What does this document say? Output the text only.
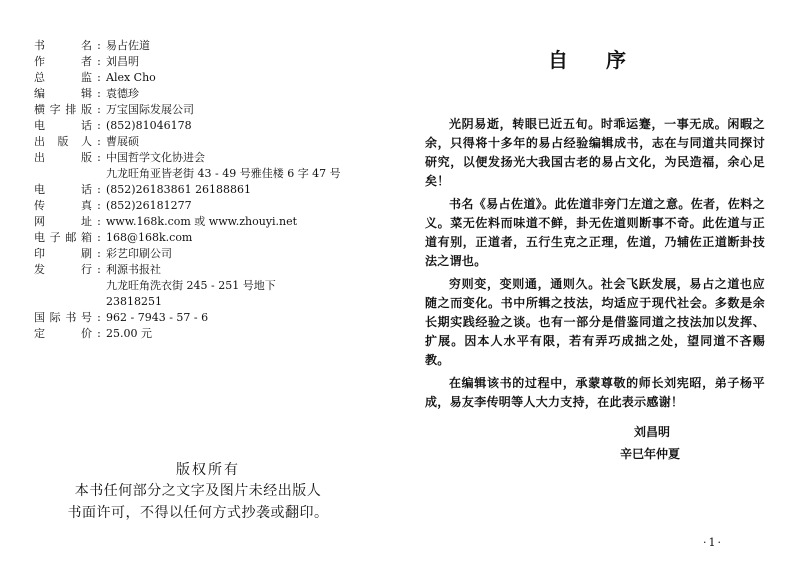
书	名 : 易占佐道
作	者 : 刘昌明
总	监 : Alex Cho
编	辑 : 袁德珍
横 字 排 版 : 万宝国际发展公司
电	话 : (852)81046178
出 版 人 : 曹展硕
出	版 : 中国哲学文化协进会
九龙旺角亚皆老街 43 - 49 号雅佳楼 6 字 47 号
电	话 : (852)26183861 26188861
传	真 : (852)26181277
网	址 : www.168k.com 或 www.zhouyi.net
电 子 邮 箱 : 168@168k.com
印	刷 : 彩艺印刷公司
发	行 : 利源书报社
九龙旺角洗衣街 245 - 251 号地下
23818251
国 际 书 号 : 962 - 7943 - 57 - 6
定	价 : 25.00 元
版权所有
本书任何部分之文字及图片未经出版人
书面许可，不得以任何方式抄袭或翻印。
自序

光阴易逝，转眼已近五旬。时乖运蹇，一事无成。闲暇之余，只得将十多年的易占经验编辑成书，志在与同道共同探讨研究，以便发扬光大我国古老的易占文化，为民造福，余心足矣！

书名《易占佐道》。此佐道非旁门左道之意。佐者，佐料之义。菜无佐料而味道不鲜，卦无佐道则断事不奇。此佐道与正道有别，正道者，五行生克之正理，佐道，乃辅佐正道断卦技法之谓也。

穷则变，变则通，通则久。社会飞跃发展，易占之道也应随之而变化。书中所辑之技法，均适应于现代社会。多数是余长期实践经验之谈。也有一部分是借鉴同道之技法加以发挥、扩展。因本人水平有限，若有弄巧成拙之处，望同道不吝赐教。

在编辑该书的过程中，承蒙尊敬的师长刘宪昭，弟子杨平成，易友李传明等人大力支持，在此表示感谢！

刘昌明
辛巳年仲夏
·1·
